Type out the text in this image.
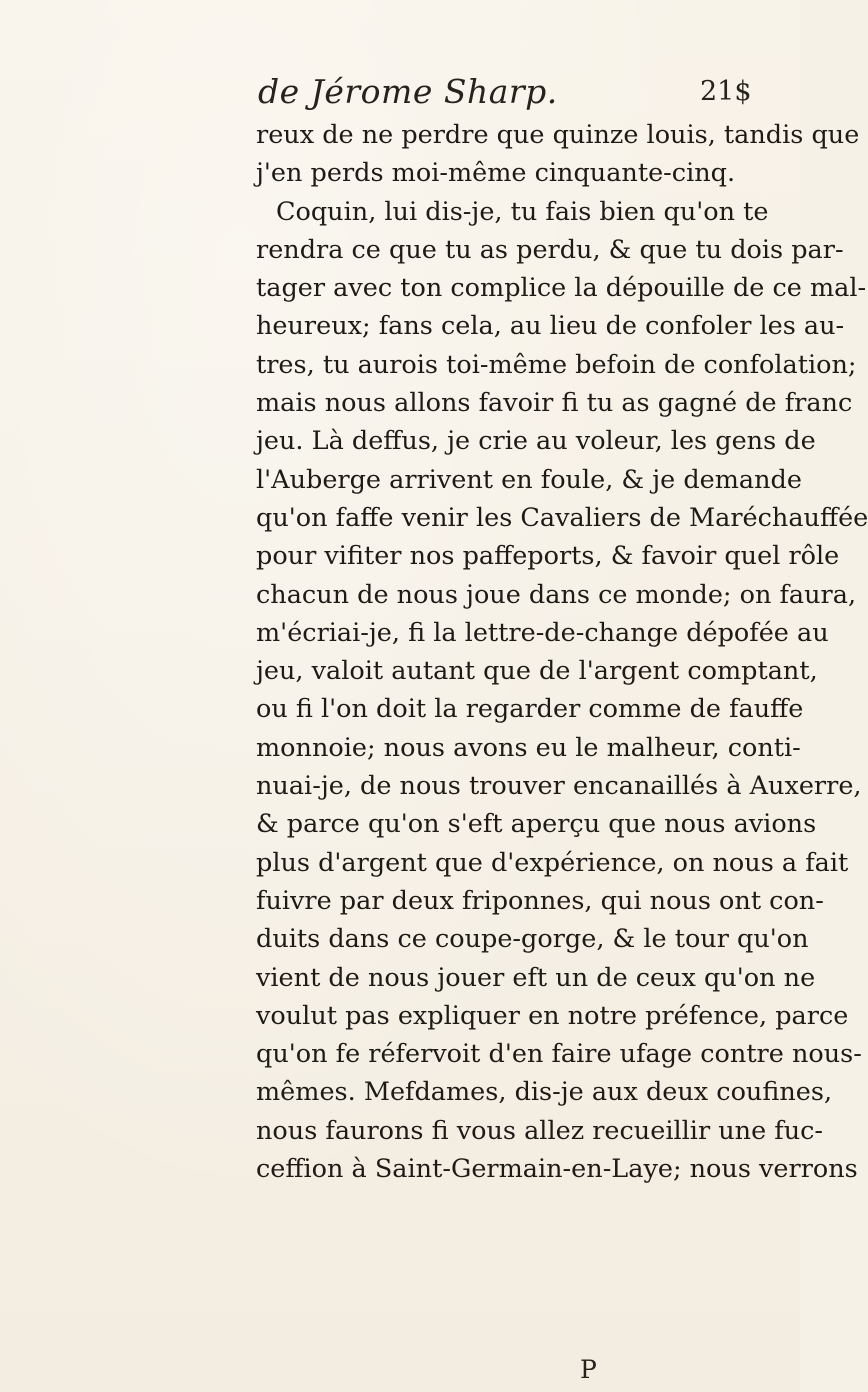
de Jérome Sharp.	21$
reux de ne perdre que quinze louis, tandis que
j'en perds moi-même cinquante-cinq.
Coquin, lui dis-je, tu fais bien qu'on te
rendra ce que tu as perdu, & que tu dois par-
tager avec ton complice la dépouille de ce mal-
heureux; fans cela, au lieu de confoler les au-
tres, tu aurois toi-même befoin de confolation;
mais nous allons favoir fi tu as gagné de franc
jeu. Là deffus, je crie au voleur, les gens de
l'Auberge arrivent en foule, & je demande
qu'on faffe venir les Cavaliers de Maréchauffée
pour vifiter nos paffeports, & favoir quel rôle
chacun de nous joue dans ce monde; on faura,
m'écriai-je, fi la lettre-de-change dépofée au
jeu, valoit autant que de l'argent comptant,
ou fi l'on doit la regarder comme de fauffe
monnoie; nous avons eu le malheur, conti-
nuai-je, de nous trouver encanaillés à Auxerre,
& parce qu'on s'eft aperçu que nous avions
plus d'argent que d'expérience, on nous a fait
fuivre par deux friponnes, qui nous ont con-
duits dans ce coupe-gorge, & le tour qu'on
vient de nous jouer eft un de ceux qu'on ne
voulut pas expliquer en notre préfence, parce
qu'on fe réfervoit d'en faire ufage contre nous-
mêmes. Mefdames, dis-je aux deux coufines,
nous faurons fi vous allez recueillir une fuc-
ceffion à Saint-Germain-en-Laye; nous verrons
P
